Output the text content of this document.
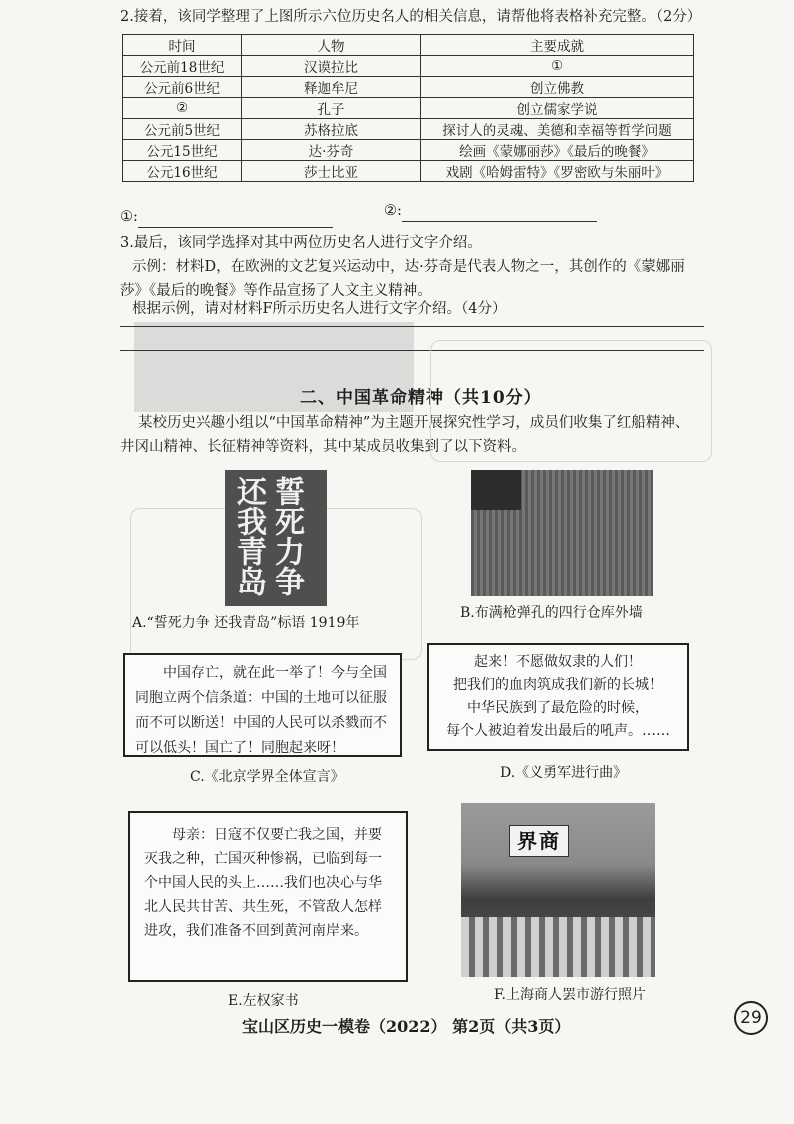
2.接着，该同学整理了上图所示六位历史名人的相关信息，请帮他将表格补充完整。（2分）
时间	人物	主要成就
公元前18世纪	汉谟拉比	①
公元前6世纪	释迦牟尼	创立佛教
②	孔子	创立儒家学说
公元前5世纪	苏格拉底	探讨人的灵魂、美德和幸福等哲学问题
公元15世纪	达·芬奇	绘画《蒙娜丽莎》《最后的晚餐》
公元16世纪	莎士比亚	戏剧《哈姆雷特》《罗密欧与朱丽叶》
①:	②:
3.最后，该同学选择对其中两位历史名人进行文字介绍。
示例：材料D，在欧洲的文艺复兴运动中，达·芬奇是代表人物之一，其创作的《蒙娜丽
莎》《最后的晚餐》等作品宣扬了人文主义精神。
根据示例，请对材料F所示历史名人进行文字介绍。（4分）
二、中国革命精神（共10分）
某校历史兴趣小组以“中国革命精神”为主题开展探究性学习，成员们收集了红船精神、
井冈山精神、长征精神等资料，其中某成员收集到了以下资料。
誓死力争
还我青岛
A.“誓死力争 还我青岛”标语 1919年
B.布满枪弹孔的四行仓库外墙
中国存亡，就在此一举了！今与全国同胞立两个信条道：中国的土地可以征服而不可以断送！中国的人民可以杀戮而不可以低头！国亡了！同胞起来呀！
C.《北京学界全体宣言》
起来！不愿做奴隶的人们！
把我们的血肉筑成我们新的长城！
中华民族到了最危险的时候，
每个人被迫着发出最后的吼声。……
D.《义勇军进行曲》
母亲：日寇不仅要亡我之国，并要灭我之种，亡国灭种惨祸，已临到每一个中国人民的头上……我们也决心与华北人民共甘苦、共生死，不管敌人怎样进攻，我们准备不回到黄河南岸来。
E.左权家书
界商
F.上海商人罢市游行照片
宝山区历史一模卷（2022） 第2页（共3页）	29
